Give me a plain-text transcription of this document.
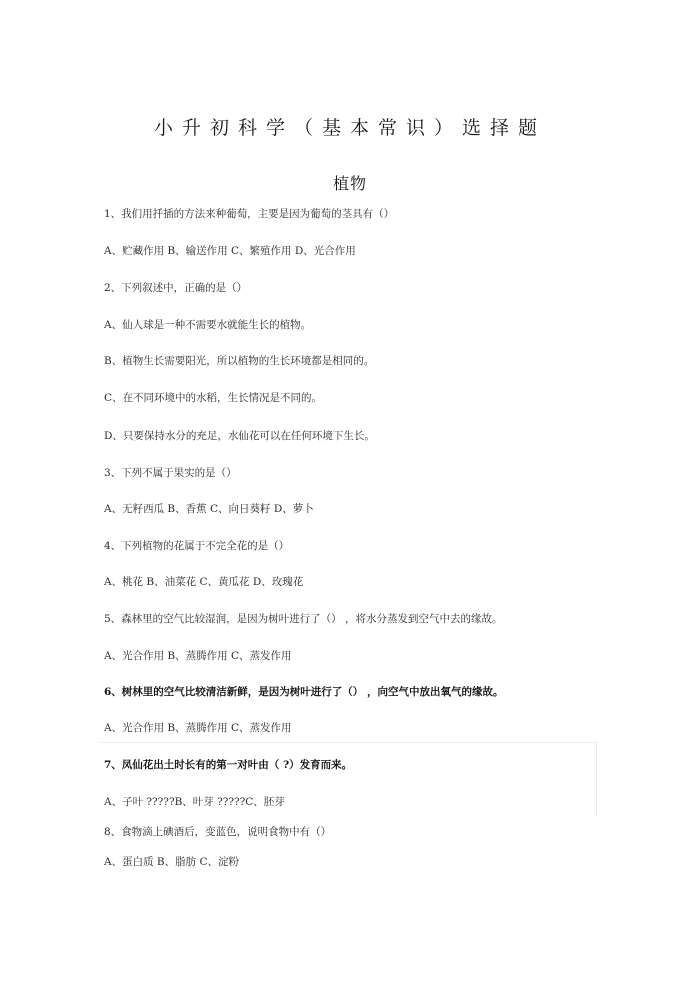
小升初科学（基本常识）选择题
植物
1、我们用扦插的方法来种葡萄，主要是因为葡萄的茎具有（）
A、贮藏作用 B、输送作用 C、繁殖作用 D、光合作用
2、下列叙述中，正确的是（）
A、仙人球是一种不需要水就能生长的植物。
B、植物生长需要阳光，所以植物的生长环境都是相同的。
C、在不同环境中的水稻，生长情况是不同的。
D、只要保持水分的充足，水仙花可以在任何环境下生长。
3、下列不属于果实的是（）
A、无籽西瓜 B、香蕉 C、向日葵籽 D、萝卜
4、下列植物的花属于不完全花的是（）
A、桃花 B、油菜花 C、黄瓜花 D、玫瑰花
5、森林里的空气比较湿润，是因为树叶进行了（） ，将水分蒸发到空气中去的缘故。
A、光合作用 B、蒸腾作用 C、蒸发作用
6、树林里的空气比较清洁新鲜，是因为树叶进行了（） ，向空气中放出氧气的缘故。
A、光合作用 B、蒸腾作用 C、蒸发作用
7、凤仙花出土时长有的第一对叶由（ ?）发育而来。
A、子叶 ?????B、叶芽 ?????C、胚芽
8、食物滴上碘酒后，变蓝色，说明食物中有（）
A、蛋白质 B、脂肪 C、淀粉
